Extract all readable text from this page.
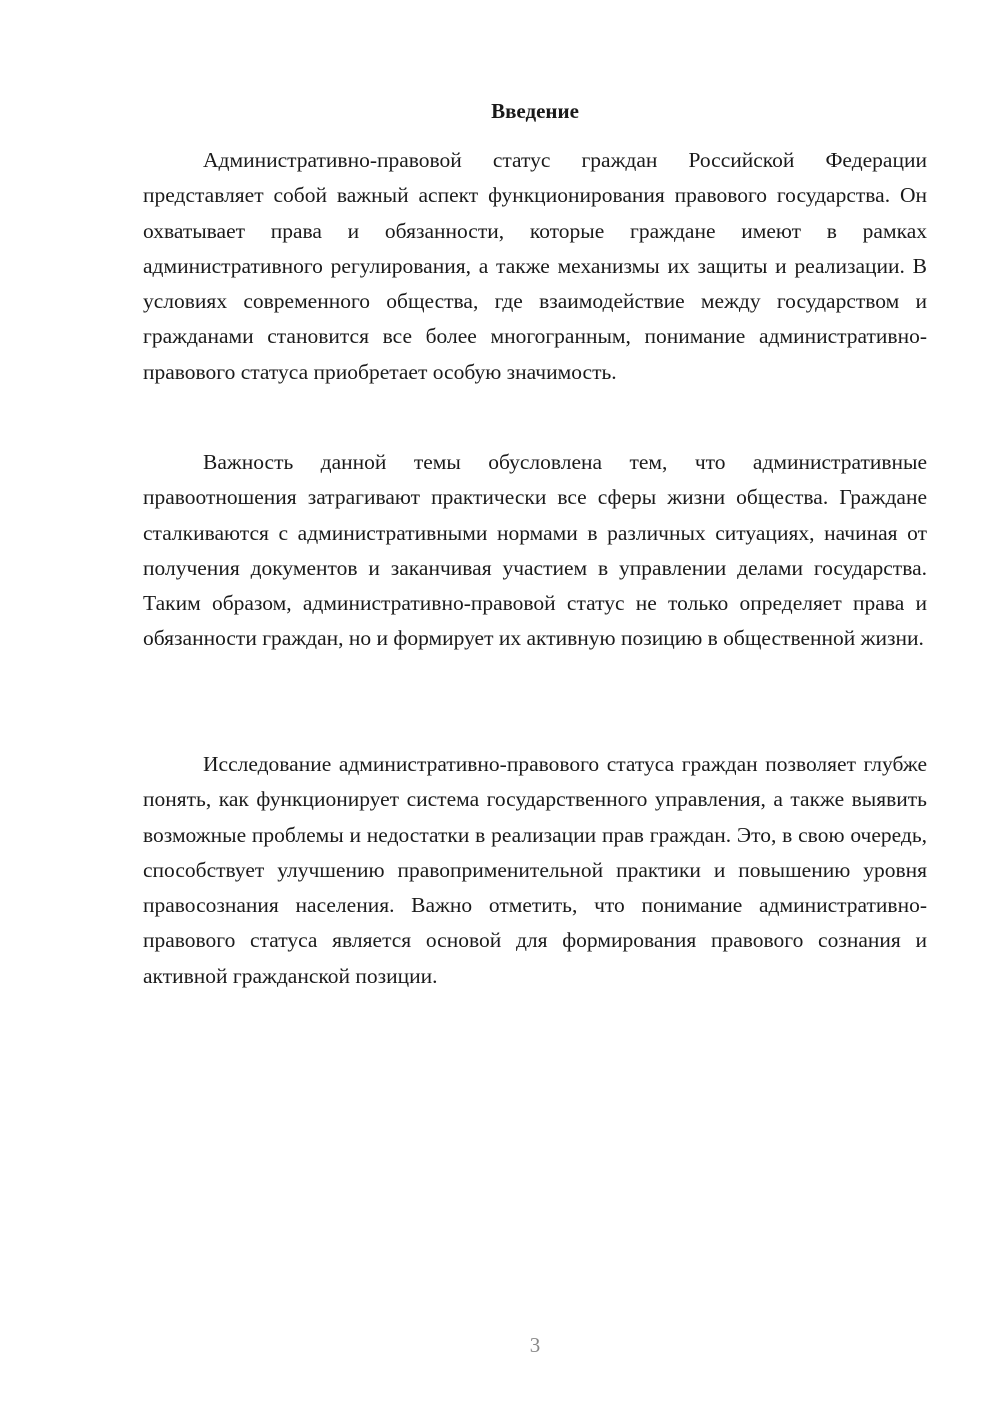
Введение

Административно-правовой статус граждан Российской Федерации представляет собой важный аспект функционирования правового государства. Он охватывает права и обязанности, которые граждане имеют в рамках административного регулирования, а также механизмы их защиты и реализации. В условиях современного общества, где взаимодействие между государством и гражданами становится все более многогранным, понимание административно-правового статуса приобретает особую значимость.

Важность данной темы обусловлена тем, что административные правоотношения затрагивают практически все сферы жизни общества. Граждане сталкиваются с административными нормами в различных ситуациях, начиная от получения документов и заканчивая участием в управлении делами государства. Таким образом, административно-правовой статус не только определяет права и обязанности граждан, но и формирует их активную позицию в общественной жизни.

Исследование административно-правового статуса граждан позволяет глубже понять, как функционирует система государственного управления, а также выявить возможные проблемы и недостатки в реализации прав граждан. Это, в свою очередь, способствует улучшению правоприменительной практики и повышению уровня правосознания населения. Важно отметить, что понимание административно-правового статуса является основой для формирования правового сознания и активной гражданской позиции.

3
